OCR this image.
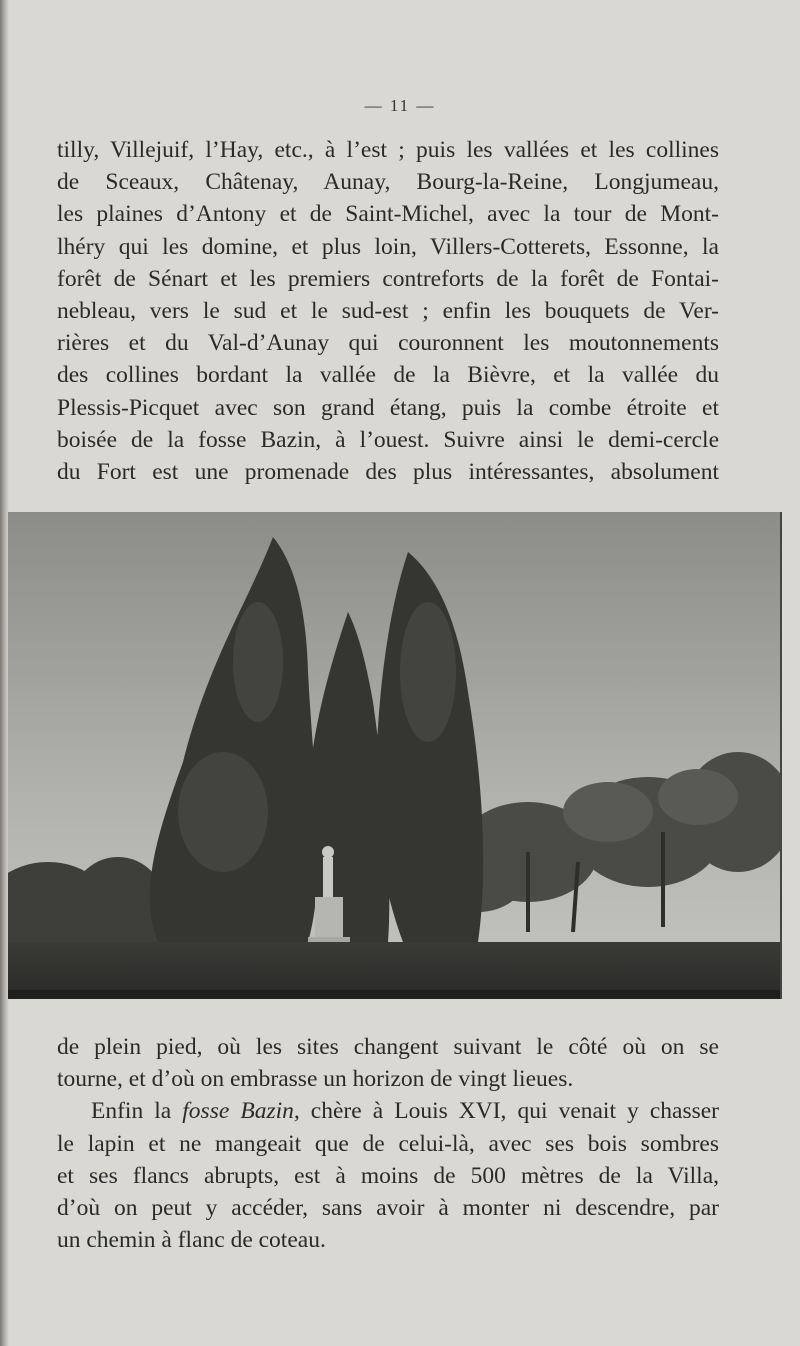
— 11 —
tilly, Villejuif, l’Hay, etc., à l’est ; puis les vallées et les collines
de Sceaux, Châtenay, Aunay, Bourg-la-Reine, Longjumeau,
les plaines d’Antony et de Saint-Michel, avec la tour de Mont-
lhéry qui les domine, et plus loin, Villers-Cotterets, Essonne, la
forêt de Sénart et les premiers contreforts de la forêt de Fontai-
nebleau, vers le sud et le sud-est ; enfin les bouquets de Ver-
rières et du Val-d’Aunay qui couronnent les moutonnements
des collines bordant la vallée de la Bièvre, et la vallée du
Plessis-Picquet avec son grand étang, puis la combe étroite et
boisée de la fosse Bazin, à l’ouest. Suivre ainsi le demi-cercle
du Fort est une promenade des plus intéressantes, absolument
de plein pied, où les sites changent suivant le côté où on se
tourne, et d’où on embrasse un horizon de vingt lieues.
Enfin la fosse Bazin, chère à Louis XVI, qui venait y chasser
le lapin et ne mangeait que de celui-là, avec ses bois sombres
et ses flancs abrupts, est à moins de 500 mètres de la Villa,
d’où on peut y accéder, sans avoir à monter ni descendre, par
un chemin à flanc de coteau.
